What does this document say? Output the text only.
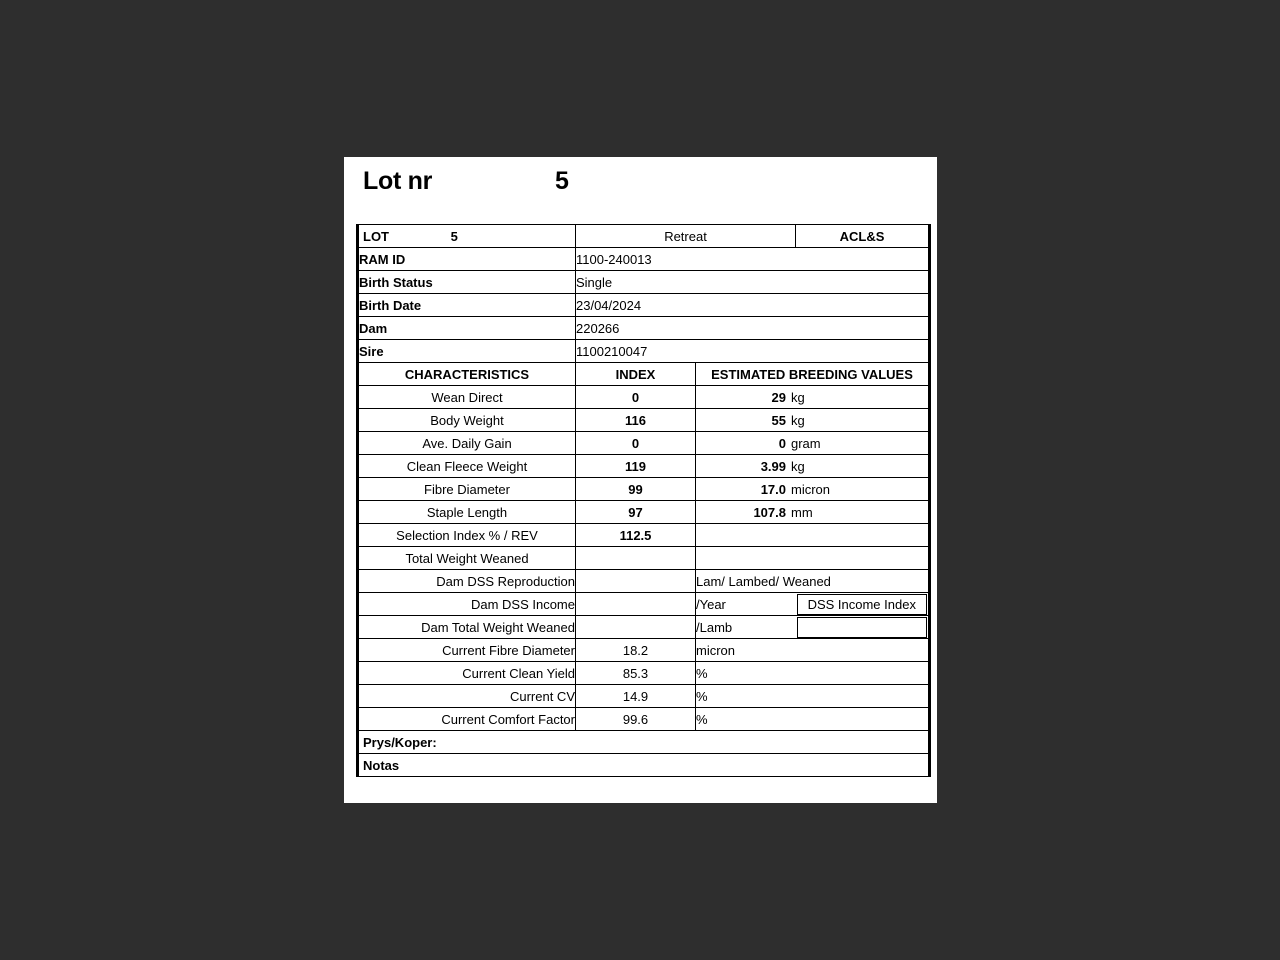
Lot nr	5
LOT 5	Retreat		ACL&S
RAM ID	1100-240013		
Birth Status	Single		
Birth Date	23/04/2024		
Dam	220266		
Sire	1100210047		
CHARACTERISTICS	INDEX	ESTIMATED BREEDING VALUES	
Wean Direct	0	29 kg	

Body Weight	116	55 kg	

Ave. Daily Gain	0	0 gram	

Clean Fleece Weight	119	3.99 kg	

Fibre Diameter	99	17.0 micron	

Staple Length	97	107.8 mm	

Selection Index % / REV	112.5		

Total Weight Weaned			

Dam DSS Reproduction		Lam/ Lambed/ Weaned	
Dam DSS Income		/Year	DSS Income Index

Dam Total Weight Weaned		/Lamb	

Current Fibre Diameter	18.2	micron	
Current Clean Yield	85.3	%	
Current CV	14.9	%	
Current Comfort Factor	99.6	%	
Prys/Koper:			

Notas			
